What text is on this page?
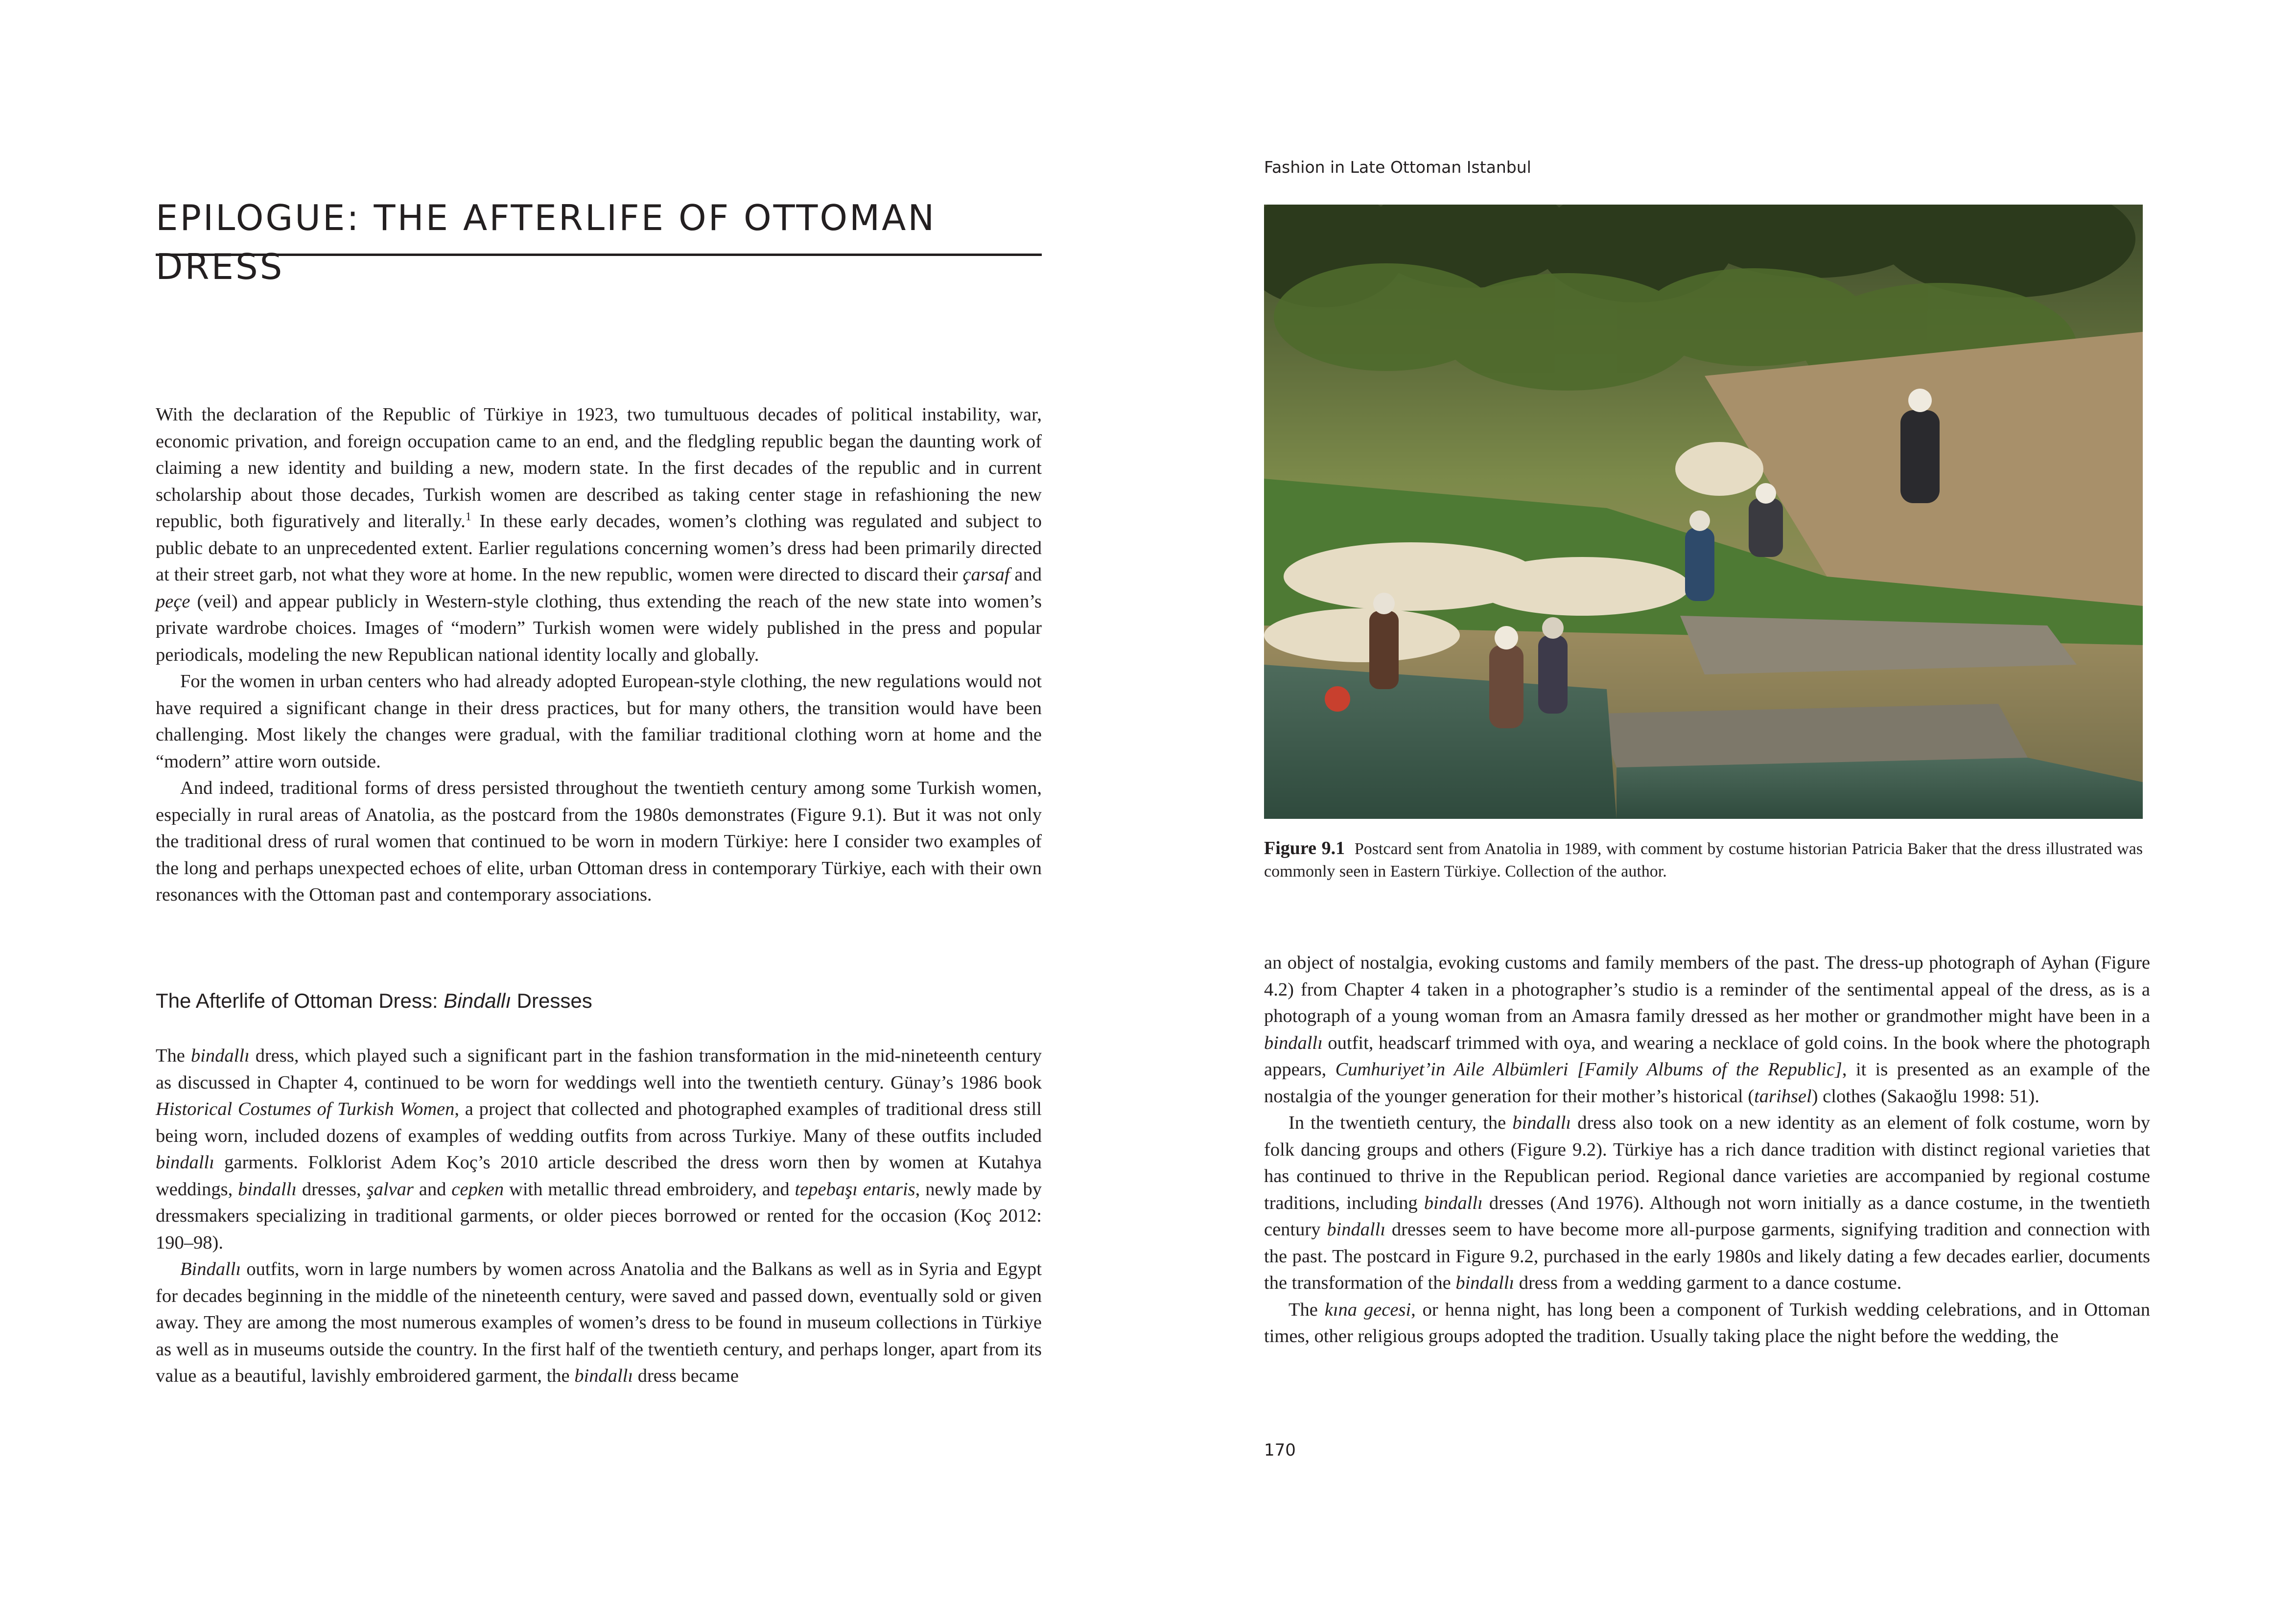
EPILOGUE: THE AFTERLIFE OF OTTOMAN DRESS

With the declaration of the Republic of Türkiye in 1923, two tumultuous decades of political instability, war, economic privation, and foreign occupation came to an end, and the fledgling republic began the daunting work of claiming a new identity and building a new, modern state. In the first decades of the republic and in current scholarship about those decades, Turkish women are described as taking center stage in refashioning the new republic, both figuratively and literally.$^1$ In these early decades, women’s clothing was regulated and subject to public debate to an unprecedented extent. Earlier regulations concerning women’s dress had been primarily directed at their street garb, not what they wore at home. In the new republic, women were directed to discard their çarsaf and peçe (veil) and appear publicly in Western-style clothing, thus extending the reach of the new state into women’s private wardrobe choices. Images of “modern” Turkish women were widely published in the press and popular periodicals, modeling the new Republican national identity locally and globally.

For the women in urban centers who had already adopted European-style clothing, the new regulations would not have required a significant change in their dress practices, but for many others, the transition would have been challenging. Most likely the changes were gradual, with the familiar traditional clothing worn at home and the “modern” attire worn outside.

And indeed, traditional forms of dress persisted throughout the twentieth century among some Turkish women, especially in rural areas of Anatolia, as the postcard from the 1980s demonstrates (Figure 9.1). But it was not only the traditional dress of rural women that continued to be worn in modern Türkiye: here I consider two examples of the long and perhaps unexpected echoes of elite, urban Ottoman dress in contemporary Türkiye, each with their own resonances with the Ottoman past and contemporary associations.

The Afterlife of Ottoman Dress: Bindallı Dresses

The bindallı dress, which played such a significant part in the fashion transformation in the mid-nineteenth century as discussed in Chapter 4, continued to be worn for weddings well into the twentieth century. Günay’s 1986 book Historical Costumes of Turkish Women, a project that collected and photographed examples of traditional dress still being worn, included dozens of examples of wedding outfits from across Turkiye. Many of these outfits included bindallı garments. Folklorist Adem Koç’s 2010 article described the dress worn then by women at Kutahya weddings, bindallı dresses, şalvar and cepken with metallic thread embroidery, and tepebaşı entaris, newly made by dressmakers specializing in traditional garments, or older pieces borrowed or rented for the occasion (Koç 2012: 190–98).

Bindallı outfits, worn in large numbers by women across Anatolia and the Balkans as well as in Syria and Egypt for decades beginning in the middle of the nineteenth century, were saved and passed down, eventually sold or given away. They are among the most numerous examples of women’s dress to be found in museum collections in Türkiye as well as in museums outside the country. In the first half of the twentieth century, and perhaps longer, apart from its value as a beautiful, lavishly embroidered garment, the bindallı dress became

Fashion in Late Ottoman Istanbul
Figure 9.1 Postcard sent from Anatolia in 1989, with comment by costume historian Patricia Baker that the dress illustrated was commonly seen in Eastern Türkiye. Collection of the author.

an object of nostalgia, evoking customs and family members of the past. The dress-up photograph of Ayhan (Figure 4.2) from Chapter 4 taken in a photographer’s studio is a reminder of the sentimental appeal of the dress, as is a photograph of a young woman from an Amasra family dressed as her mother or grandmother might have been in a bindallı outfit, headscarf trimmed with oya, and wearing a necklace of gold coins. In the book where the photograph appears, Cumhuriyet’in Aile Albümleri [Family Albums of the Republic], it is presented as an example of the nostalgia of the younger generation for their mother’s historical (tarihsel) clothes (Sakaoğlu 1998: 51).

In the twentieth century, the bindallı dress also took on a new identity as an element of folk costume, worn by folk dancing groups and others (Figure 9.2). Türkiye has a rich dance tradition with distinct regional varieties that has continued to thrive in the Republican period. Regional dance varieties are accompanied by regional costume traditions, including bindallı dresses (And 1976). Although not worn initially as a dance costume, in the twentieth century bindallı dresses seem to have become more all-purpose garments, signifying tradition and connection with the past. The postcard in Figure 9.2, purchased in the early 1980s and likely dating a few decades earlier, documents the transformation of the bindallı dress from a wedding garment to a dance costume.

The kına gecesi, or henna night, has long been a component of Turkish wedding celebrations, and in Ottoman times, other religious groups adopted the tradition. Usually taking place the night before the wedding, the

170
